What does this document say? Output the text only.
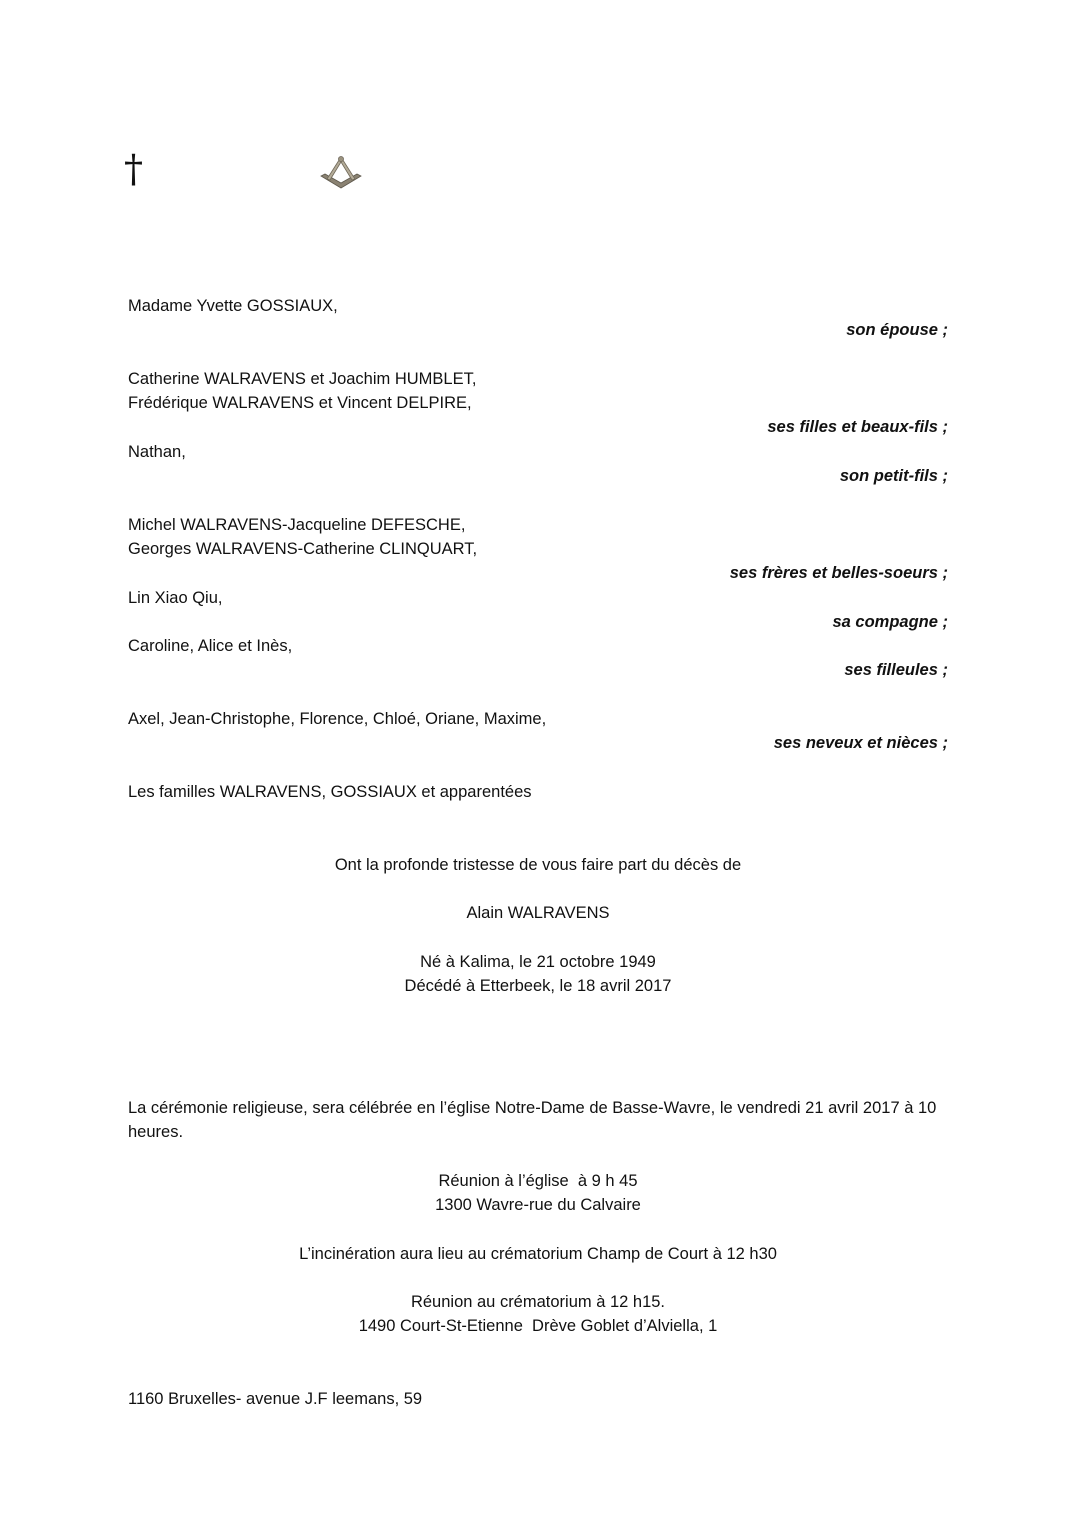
†
Madame Yvette GOSSIAUX,
son épouse ;
Catherine WALRAVENS et Joachim HUMBLET,
Frédérique WALRAVENS et Vincent DELPIRE,
ses filles et beaux-fils ;
Nathan,
son petit-fils ;
Michel WALRAVENS-Jacqueline DEFESCHE,
Georges WALRAVENS-Catherine CLINQUART,
ses frères et belles-soeurs ;
Lin Xiao Qiu,
sa compagne ;
Caroline, Alice et Inès,
ses filleules ;
Axel, Jean-Christophe, Florence, Chloé, Oriane, Maxime,
ses neveux et nièces ;
Les familles WALRAVENS, GOSSIAUX et apparentées
Ont la profonde tristesse de vous faire part du décès de
Alain WALRAVENS
Né à Kalima, le 21 octobre 1949
Décédé à Etterbeek, le 18 avril 2017
La cérémonie religieuse, sera célébrée en l’église Notre-Dame de Basse-Wavre, le vendredi 21 avril 2017 à 10 heures.
Réunion à l’église  à 9 h 45
1300 Wavre-rue du Calvaire
L’incinération aura lieu au crématorium Champ de Court à 12 h30
Réunion au crématorium à 12 h15.
1490 Court-St-Etienne  Drève Goblet d’Alviella, 1
1160 Bruxelles- avenue J.F leemans, 59
